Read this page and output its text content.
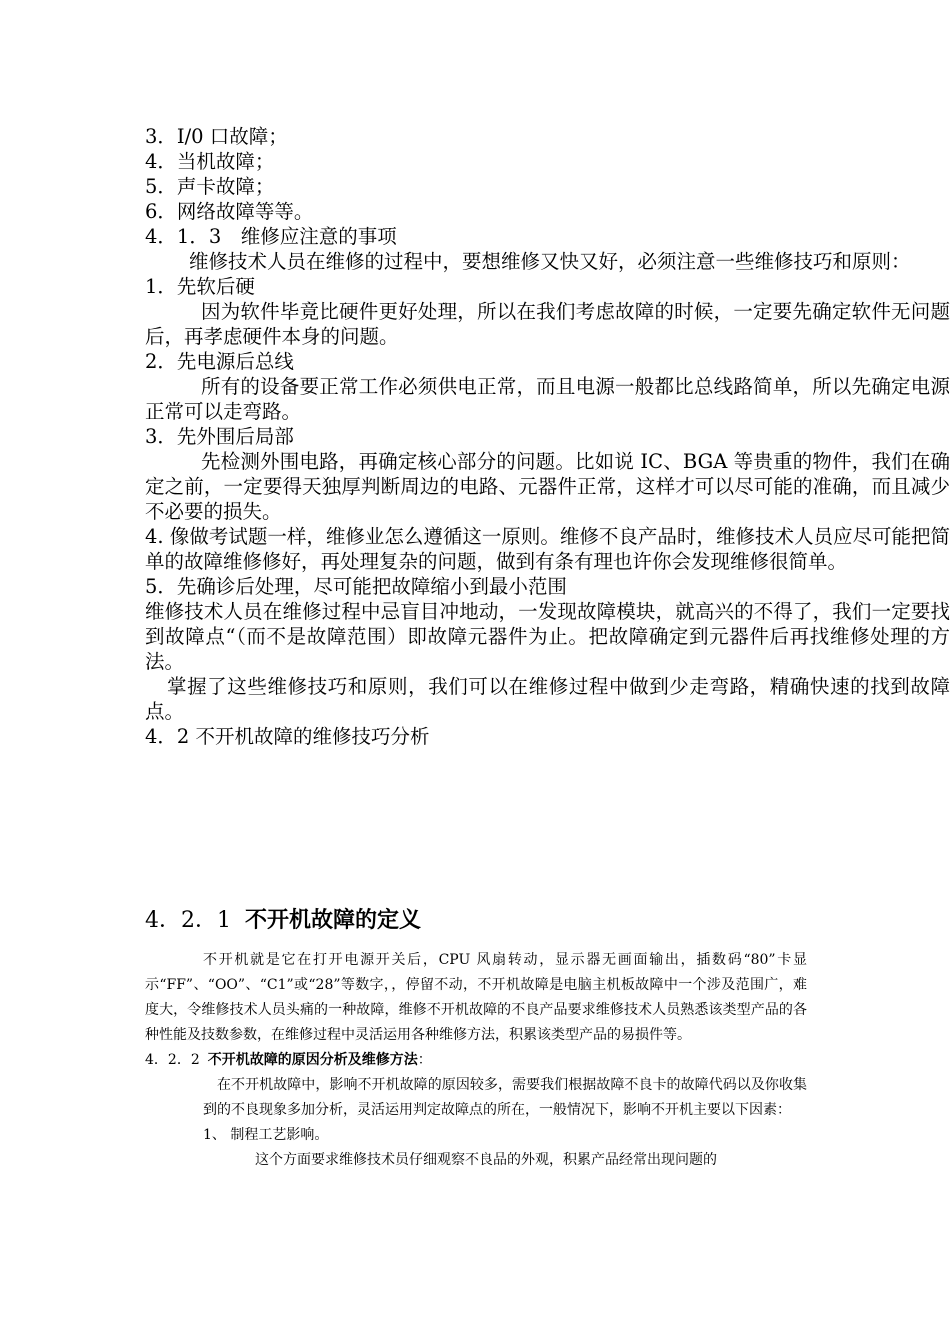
3．I/0 口故障；

4．当机故障；

5．声卡故障；

6．网络故障等等。

4．1．3　维修应注意的事项

维修技术人员在维修的过程中，要想维修又快又好，必须注意一些维修技巧和原则：

1．先软后硬

因为软件毕竟比硬件更好处理，所以在我们考虑故障的时候，一定要先确定软件无问题后，再孝虑硬件本身的问题。

2．先电源后总线

所有的设备要正常工作必须供电正常，而且电源一般都比总线路简单，所以先确定电源正常可以走弯路。

3．先外围后局部

先检测外围电路，再确定核心部分的问题。比如说 IC、BGA 等贵重的物件，我们在确定之前，一定要得天独厚判断周边的电路、元器件正常，这样才可以尽可能的准确，而且减少不必要的损失。

4. 像做考试题一样，维修业怎么遵循这一原则。维修不良产品时，维修技术人员应尽可能把简单的故障维修修好，再处理复杂的问题，做到有条有理也许你会发现维修很简单。

5．先确诊后处理，尽可能把故障缩小到最小范围

维修技术人员在维修过程中忌盲目冲地动，一发现故障模块，就高兴的不得了，我们一定要找到故障点“（而不是故障范围）即故障元器件为止。把故障确定到元器件后再找维修处理的方法。

掌握了这些维修技巧和原则，我们可以在维修过程中做到少走弯路，精确快速的找到故障点。

4．2 不开机故障的维修技巧分析

4．2．1 不开机故障的定义

不开机就是它在打开电源开关后，CPU 风扇转动，显示器无画面输出，插数码“80”卡显示“FF”、“OO”、“C1”或“28”等数字，，停留不动，不开机故障是电脑主机板故障中一个涉及范围广，难度大，令维修技术人员头痛的一种故障，维修不开机故障的不良产品要求维修技术人员熟悉该类型产品的各种性能及技数参数，在维修过程中灵活运用各种维修方法，积累该类型产品的易损件等。

4．2．2 不开机故障的原因分析及维修方法：

在不开机故障中，影响不开机故障的原因较多，需要我们根据故障不良卡的故障代码以及你收集到的不良现象多加分析，灵活运用判定故障点的所在，一般情况下，影响不开机主要以下因素：

1、 制程工艺影响。

这个方面要求维修技术员仔细观察不良品的外观，积累产品经常出现问题的
